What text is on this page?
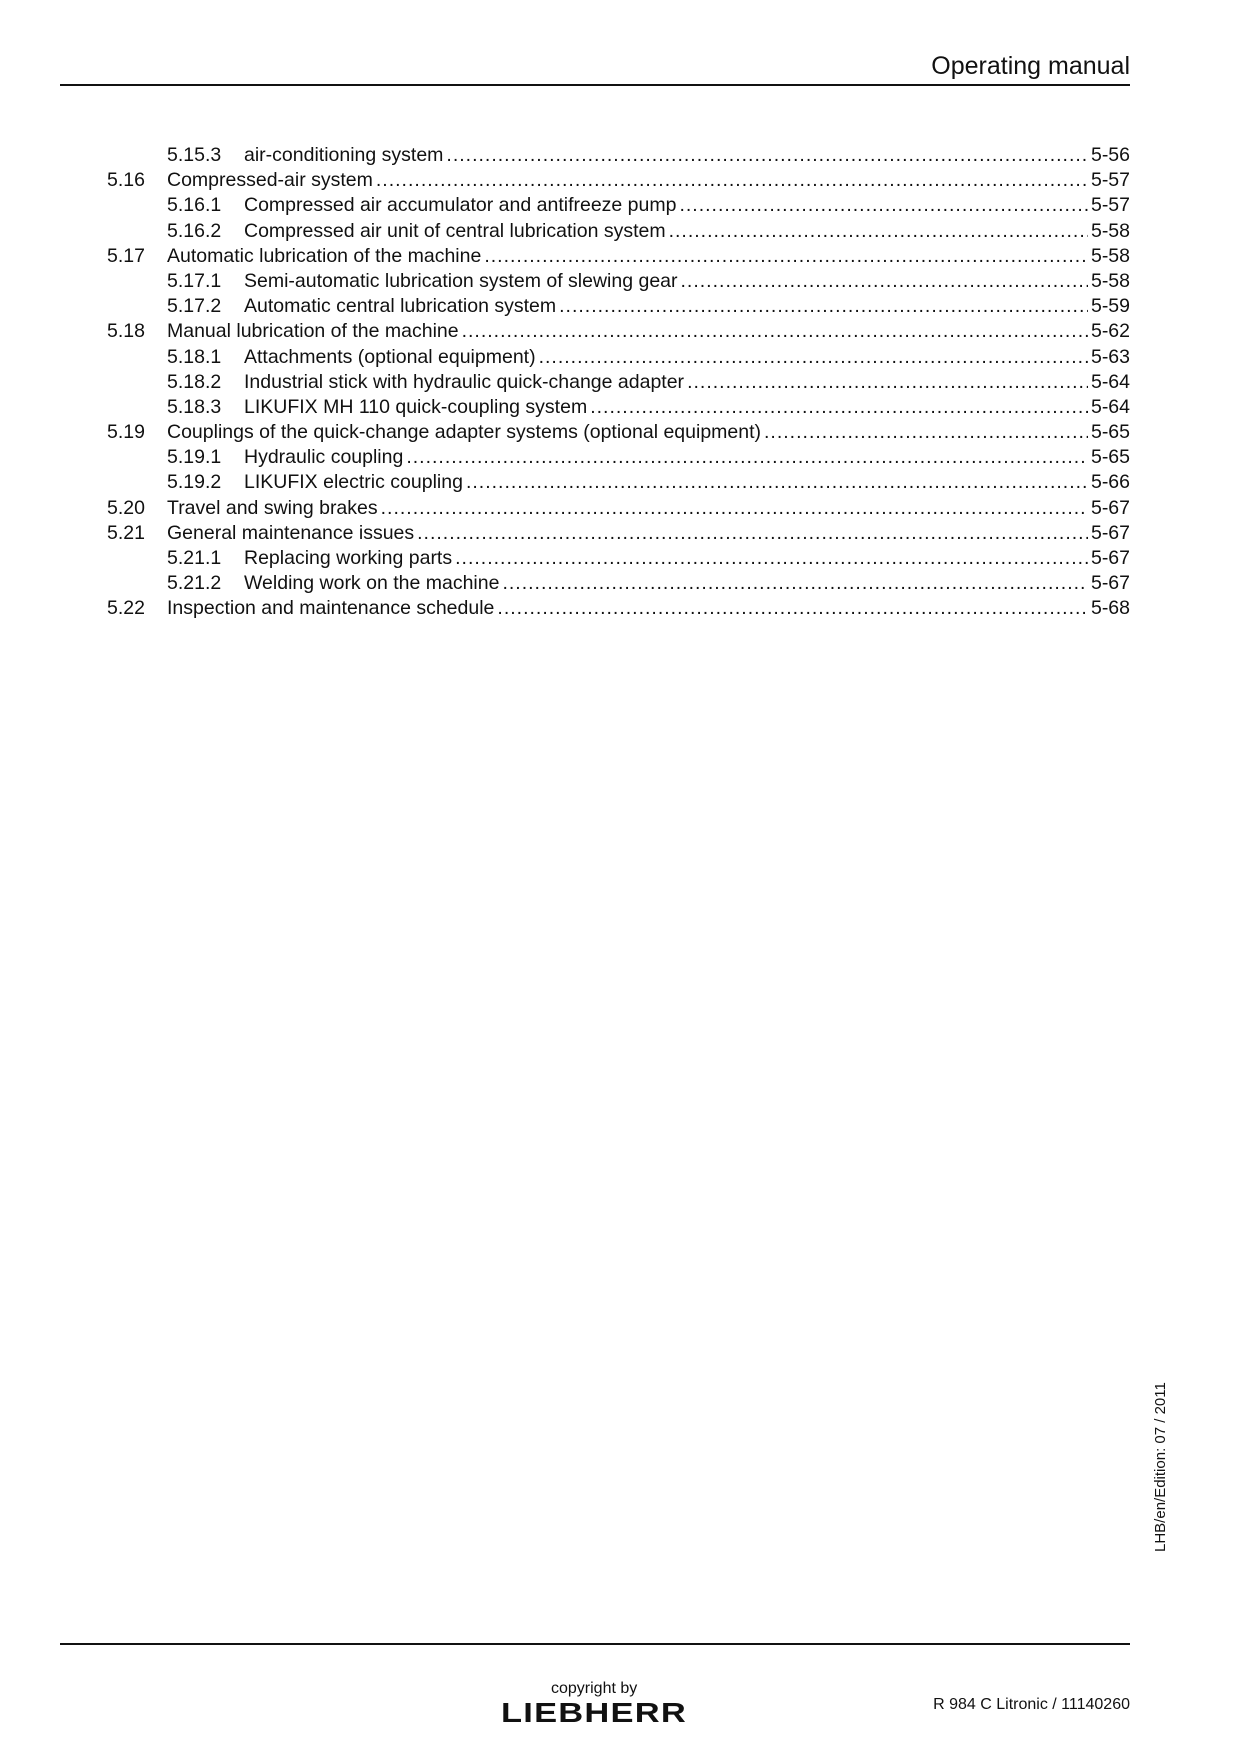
Operating manual
5.15.3	air-conditioning system .....	5-56
5.16	Compressed-air system .....	5-57
5.16.1	Compressed air accumulator and antifreeze pump .....	5-57
5.16.2	Compressed air unit of central lubrication system .....	5-58
5.17	Automatic lubrication of the machine .....	5-58
5.17.1	Semi-automatic lubrication system of slewing gear .....	5-58
5.17.2	Automatic central lubrication system .....	5-59
5.18	Manual lubrication of the machine .....	5-62
5.18.1	Attachments (optional equipment) .....	5-63
5.18.2	Industrial stick with hydraulic quick-change adapter .....	5-64
5.18.3	LIKUFIX MH 110 quick-coupling system .....	5-64
5.19	Couplings of the quick-change adapter systems (optional equipment) .....	5-65
5.19.1	Hydraulic coupling .....	5-65
5.19.2	LIKUFIX electric coupling .....	5-66
5.20	Travel and swing brakes .....	5-67
5.21	General maintenance issues .....	5-67
5.21.1	Replacing working parts .....	5-67
5.21.2	Welding work on the machine .....	5-67
5.22	Inspection and maintenance schedule .....	5-68
LHB/en/Edition: 07 / 2011
copyright by
LIEBHERR	R 984 C Litronic / 11140260
